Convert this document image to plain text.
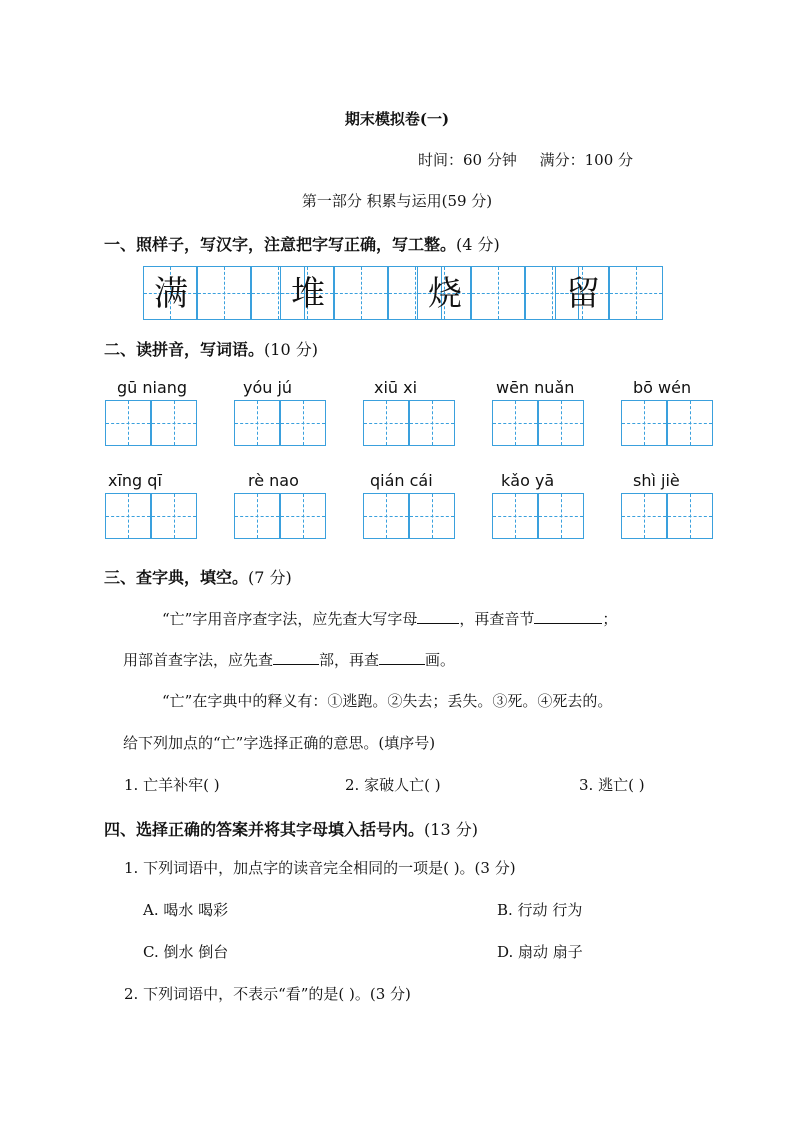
期末模拟卷(一)
时间：60 分钟 满分：100 分
第一部分 积累与运用(59 分)
一、照样子，写汉字，注意把字写正确，写工整。(4 分)
满	堆	烧	留
二、读拼音，写词语。(10 分)
gū niang	yóu jú	xiū xi	wēn nuǎn	bō wén
xīng qī	rè nao	qián cái	kǎo yā	shì jiè
三、查字典，填空。(7 分)
“亡”字用音序查字法，应先查大写字母	，再查音节	；
用部首查字法，应先查	部，再查	画。
“亡”在字典中的释义有：①逃跑。②失去；丢失。③死。④死去的。
给下列加点的“亡”字选择正确的意思。(填序号)
1. 亡羊补牢( )	2. 家破人亡( )	3. 逃亡( )
四、选择正确的答案并将其字母填入括号内。(13 分)
1. 下列词语中，加点字的读音完全相同的一项是( )。(3 分)
A. 喝水 喝彩	B. 行动 行为
C. 倒水 倒台	D. 扇动 扇子
2. 下列词语中，不表示“看”的是( )。(3 分)
